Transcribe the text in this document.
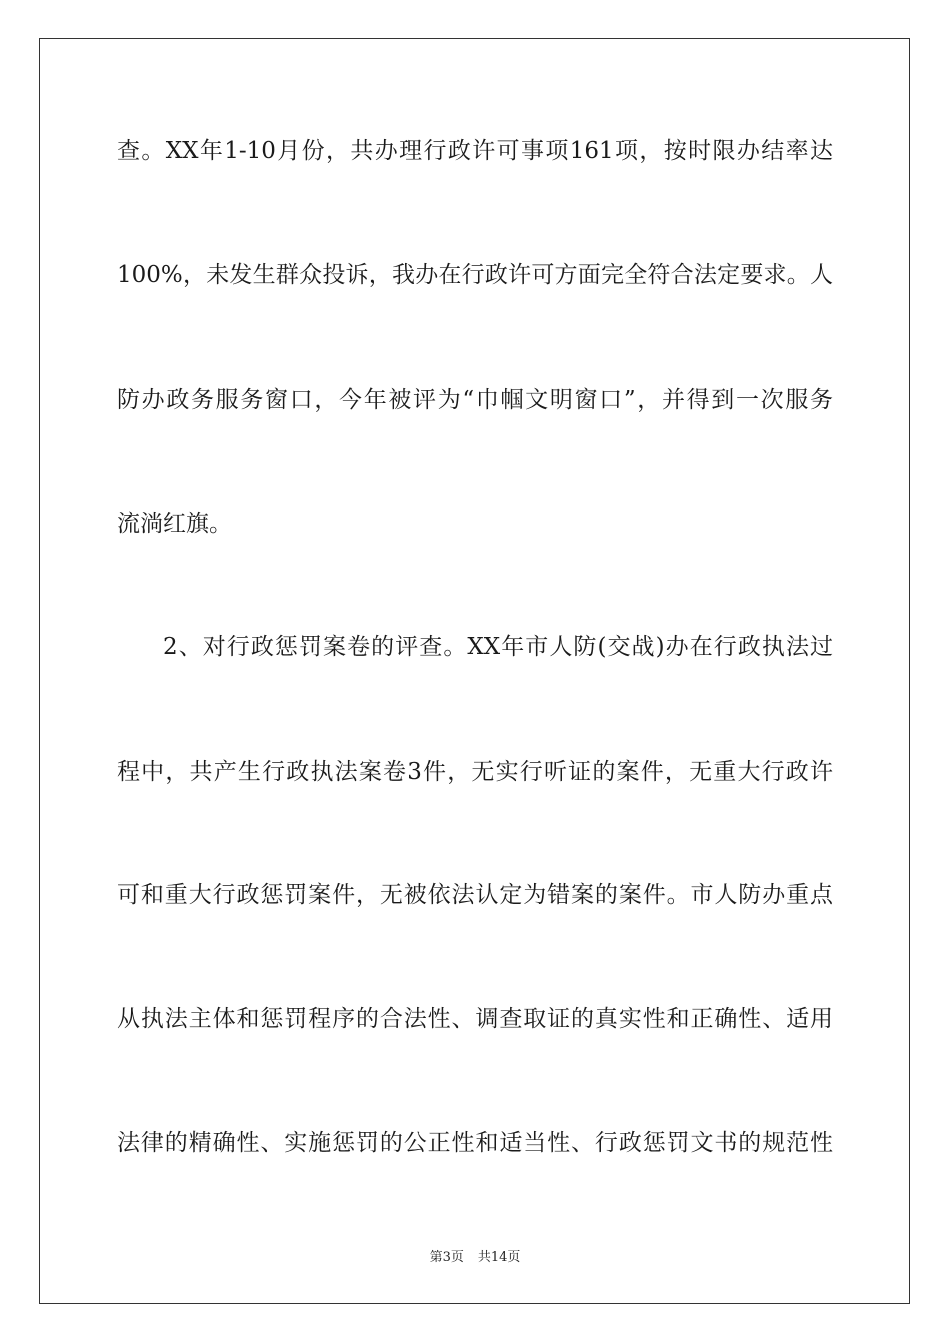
查。XX年1-10月份，共办理行政许可事项161项，按时限办结率达
100%，未发生群众投诉，我办在行政许可方面完全符合法定要求。人
防办政务服务窗口，今年被评为“巾帼文明窗口”，并得到一次服务
流淌红旗。
2、对行政惩罚案卷的评查。XX年市人防(交战)办在行政执法过
程中，共产生行政执法案卷3件，无实行听证的案件，无重大行政许
可和重大行政惩罚案件，无被依法认定为错案的案件。市人防办重点
从执法主体和惩罚程序的合法性、调查取证的真实性和正确性、适用
法律的精确性、实施惩罚的公正性和适当性、行政惩罚文书的规范性
第3页 共14页
